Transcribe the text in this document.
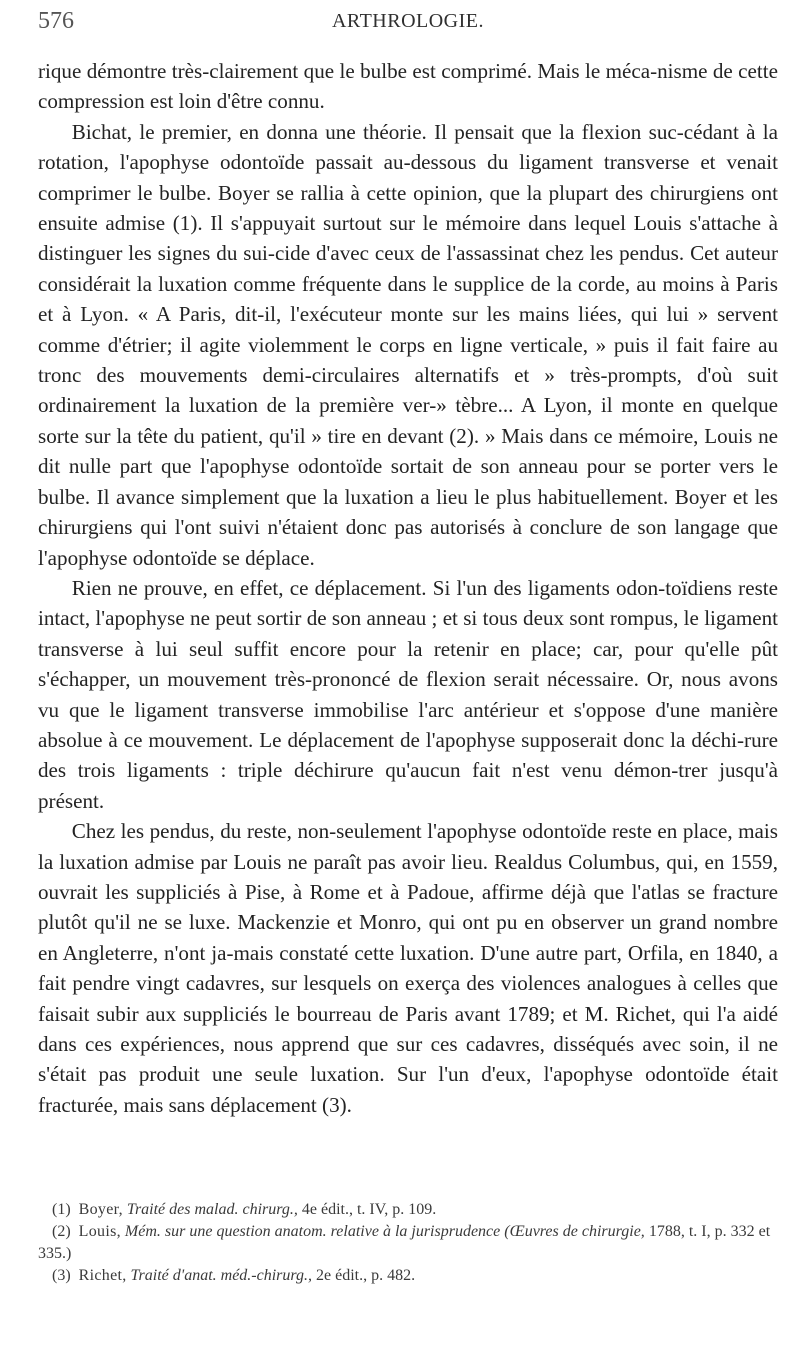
576	ARTHROLOGIE.

rique démontre très-clairement que le bulbe est comprimé. Mais le méca-nisme de cette compression est loin d'être connu.

Bichat, le premier, en donna une théorie. Il pensait que la flexion suc-cédant à la rotation, l'apophyse odontoïde passait au-dessous du ligament transverse et venait comprimer le bulbe. Boyer se rallia à cette opinion, que la plupart des chirurgiens ont ensuite admise (1). Il s'appuyait surtout sur le mémoire dans lequel Louis s'attache à distinguer les signes du sui-cide d'avec ceux de l'assassinat chez les pendus. Cet auteur considérait la luxation comme fréquente dans le supplice de la corde, au moins à Paris et à Lyon. « A Paris, dit-il, l'exécuteur monte sur les mains liées, qui lui » servent comme d'étrier; il agite violemment le corps en ligne verticale, » puis il fait faire au tronc des mouvements demi-circulaires alternatifs et » très-prompts, d'où suit ordinairement la luxation de la première ver-» tèbre... A Lyon, il monte en quelque sorte sur la tête du patient, qu'il » tire en devant (2). » Mais dans ce mémoire, Louis ne dit nulle part que l'apophyse odontoïde sortait de son anneau pour se porter vers le bulbe. Il avance simplement que la luxation a lieu le plus habituellement. Boyer et les chirurgiens qui l'ont suivi n'étaient donc pas autorisés à conclure de son langage que l'apophyse odontoïde se déplace.

Rien ne prouve, en effet, ce déplacement. Si l'un des ligaments odon-toïdiens reste intact, l'apophyse ne peut sortir de son anneau ; et si tous deux sont rompus, le ligament transverse à lui seul suffit encore pour la retenir en place; car, pour qu'elle pût s'échapper, un mouvement très-prononcé de flexion serait nécessaire. Or, nous avons vu que le ligament transverse immobilise l'arc antérieur et s'oppose d'une manière absolue à ce mouvement. Le déplacement de l'apophyse supposerait donc la déchi-rure des trois ligaments : triple déchirure qu'aucun fait n'est venu démon-trer jusqu'à présent.

Chez les pendus, du reste, non-seulement l'apophyse odontoïde reste en place, mais la luxation admise par Louis ne paraît pas avoir lieu. Realdus Columbus, qui, en 1559, ouvrait les suppliciés à Pise, à Rome et à Padoue, affirme déjà que l'atlas se fracture plutôt qu'il ne se luxe. Mackenzie et Monro, qui ont pu en observer un grand nombre en Angleterre, n'ont ja-mais constaté cette luxation. D'une autre part, Orfila, en 1840, a fait pendre vingt cadavres, sur lesquels on exerça des violences analogues à celles que faisait subir aux suppliciés le bourreau de Paris avant 1789; et M. Richet, qui l'a aidé dans ces expériences, nous apprend que sur ces cadavres, disséqués avec soin, il ne s'était pas produit une seule luxation. Sur l'un d'eux, l'apophyse odontoïde était fracturée, mais sans déplacement (3).

(1) Boyer, Traité des malad. chirurg., 4e édit., t. IV, p. 109.

(2) Louis, Mém. sur une question anatom. relative à la jurisprudence (Œuvres de chirurgie, 1788, t. I, p. 332 et 335.)

(3) Richet, Traité d'anat. méd.-chirurg., 2e édit., p. 482.
